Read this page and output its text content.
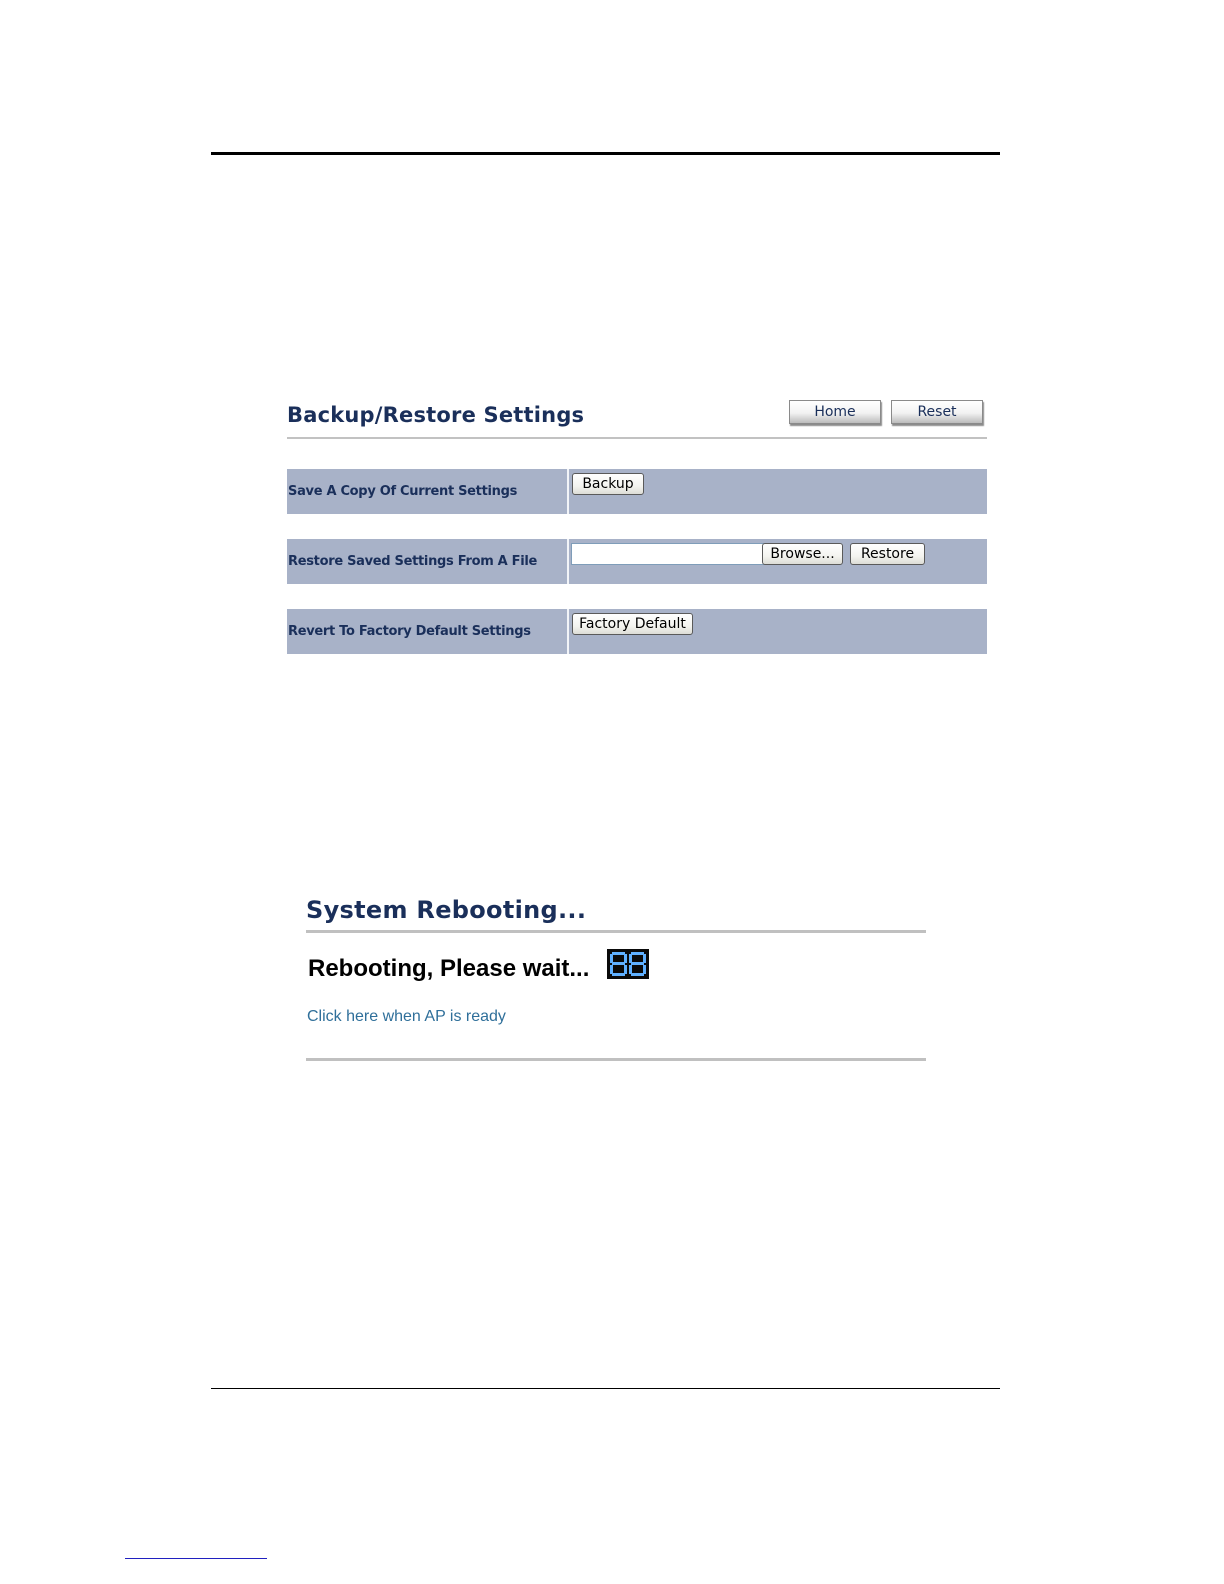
Backup/Restore Settings	Home	Reset
Save A Copy Of Current Settings	Backup
Restore Saved Settings From A File	Browse...	Restore
Revert To Factory Default Settings	Factory Default
System Rebooting...
Rebooting, Please wait...
Click here when AP is ready
